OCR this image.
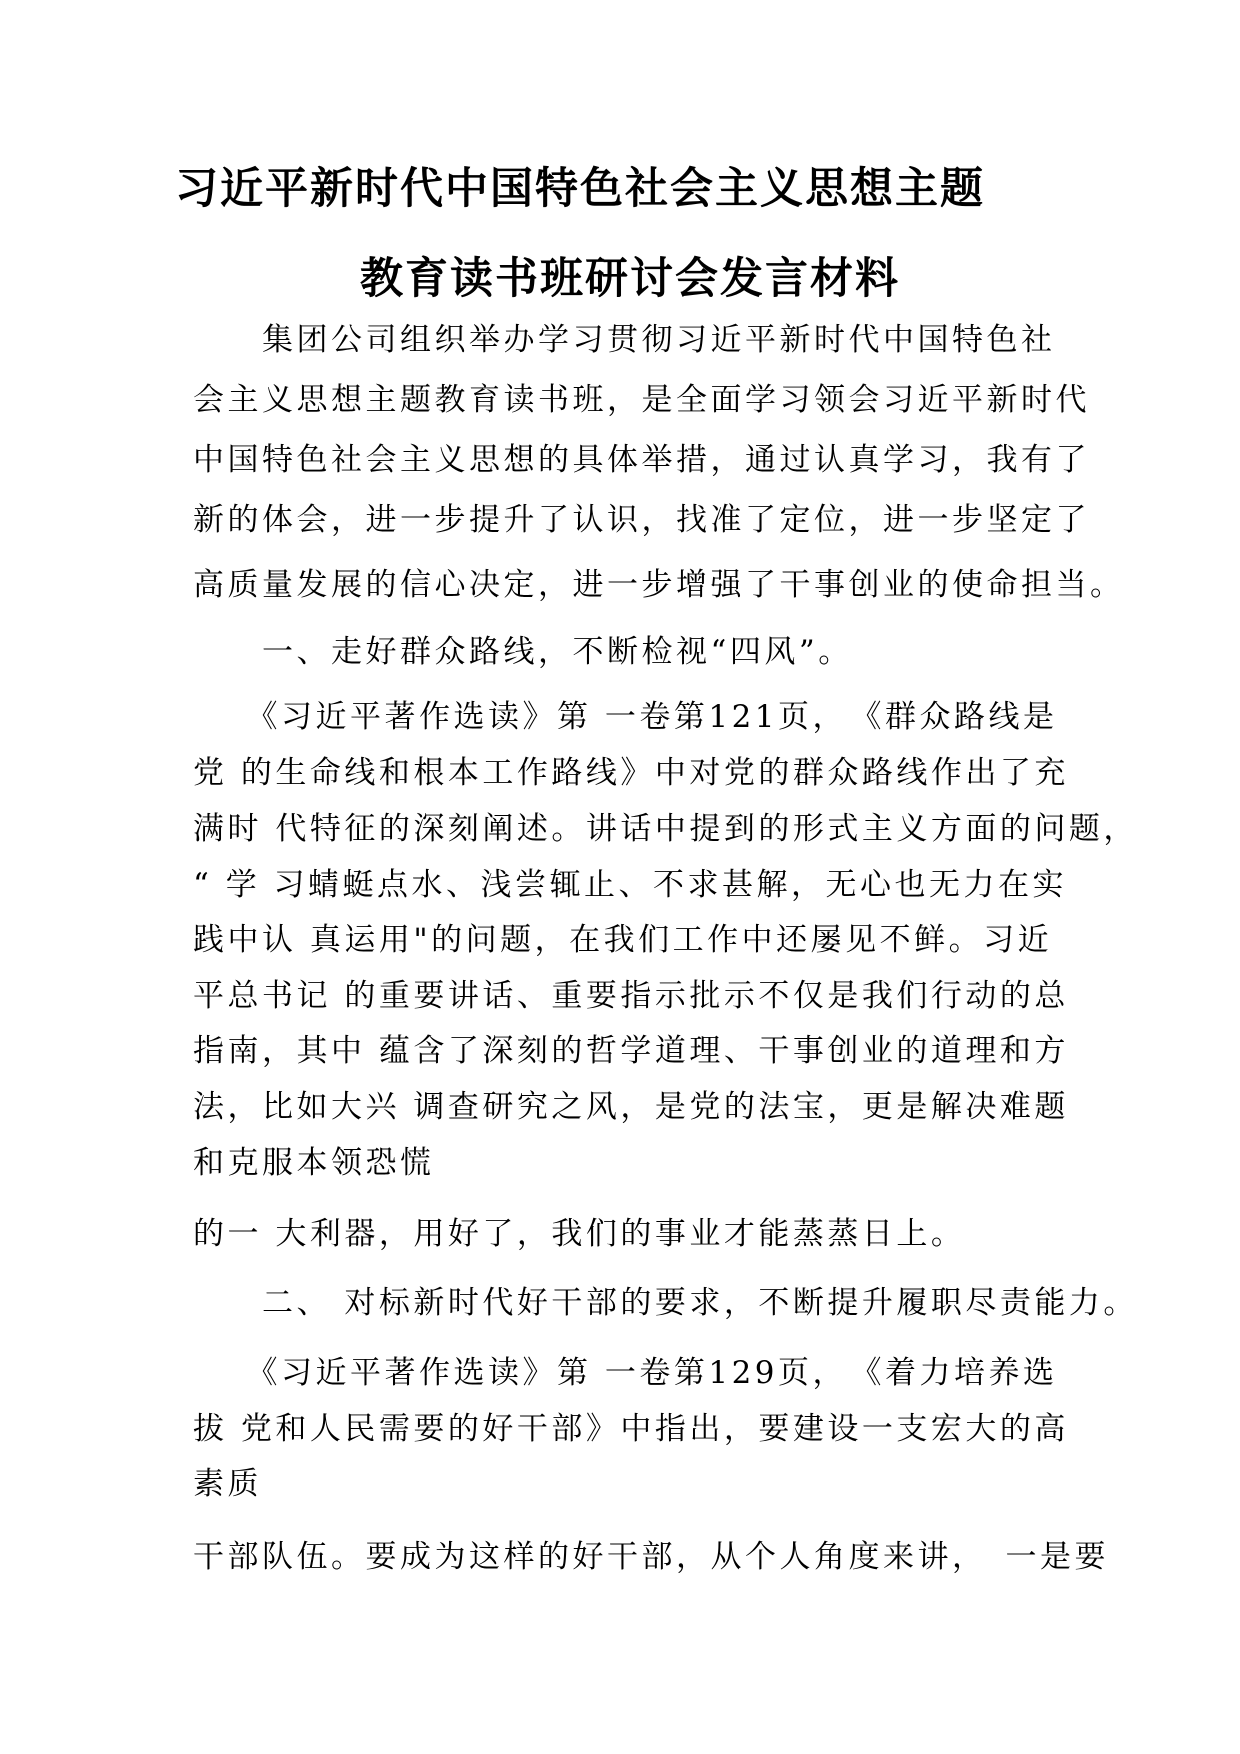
习近平新时代中国特色社会主义思想主题
教育读书班研讨会发言材料
　　集团公司组织举办学习贯彻习近平新时代中国特色社
会主义思想主题教育读书班，是全面学习领会习近平新时代
中国特色社会主义思想的具体举措，通过认真学习，我有了
新的体会，进一步提升了认识，找准了定位，进一步坚定了
高质量发展的信心决定，进一步增强了干事创业的使命担当。
　　一、走好群众路线，不断检视“四风”。
　　《习近平著作选读》第 一卷第121页，　《群众路线是
党 的生命线和根本工作路线》中对党的群众路线作出了充
满时 代特征的深刻阐述。讲话中提到的形式主义方面的问题，
“ 学 习蜻蜓点水、浅尝辄止、不求甚解，无心也无力在实
践中认 真运用"的问题，在我们工作中还屡见不鲜。习近
平总书记 的重要讲话、重要指示批示不仅是我们行动的总
指南，其中 蕴含了深刻的哲学道理、干事创业的道理和方
法，比如大兴 调查研究之风，是党的法宝，更是解决难题
和克服本领恐慌
的一 大利器，用好了，我们的事业才能蒸蒸日上。
　　二、 对标新时代好干部的要求，不断提升履职尽责能力。
　　《习近平著作选读》第 一卷第129页，　《着力培养选
拔 党和人民需要的好干部》中指出，要建设一支宏大的高
素质
干部队伍。要成为这样的好干部，从个人角度来讲，　一是要
